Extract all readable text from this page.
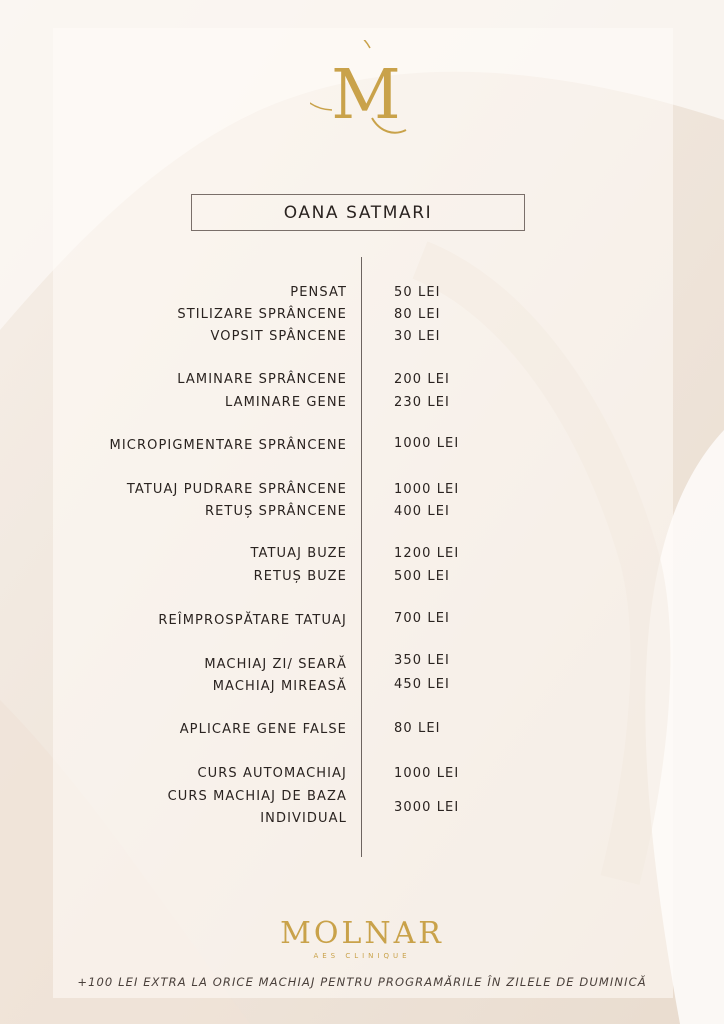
M
OANA SATMARI
PENSAT
STILIZARE SPRÂNCENE
VOPSIT SPÂNCENE
LAMINARE SPRÂNCENE
LAMINARE GENE
MICROPIGMENTARE SPRÂNCENE
TATUAJ PUDRARE SPRÂNCENE
RETUȘ SPRÂNCENE
TATUAJ BUZE
RETUȘ BUZE
REÎMPROSPĂTARE TATUAJ
MACHIAJ ZI/ SEARĂ
MACHIAJ MIREASĂ
APLICARE GENE FALSE
CURS AUTOMACHIAJ
CURS MACHIAJ DE BAZA
INDIVIDUAL
50 LEI
80 LEI
30 LEI
200 LEI
230 LEI
1000 LEI
1000 LEI
400 LEI
1200 LEI
500 LEI
700 LEI
350 LEI
450 LEI
80 LEI
1000 LEI
3000 LEI
MOLNAR
AES CLINIQUE
+100 LEI EXTRA LA ORICE MACHIAJ PENTRU PROGRAMĂRILE ÎN ZILELE DE DUMINICĂ
